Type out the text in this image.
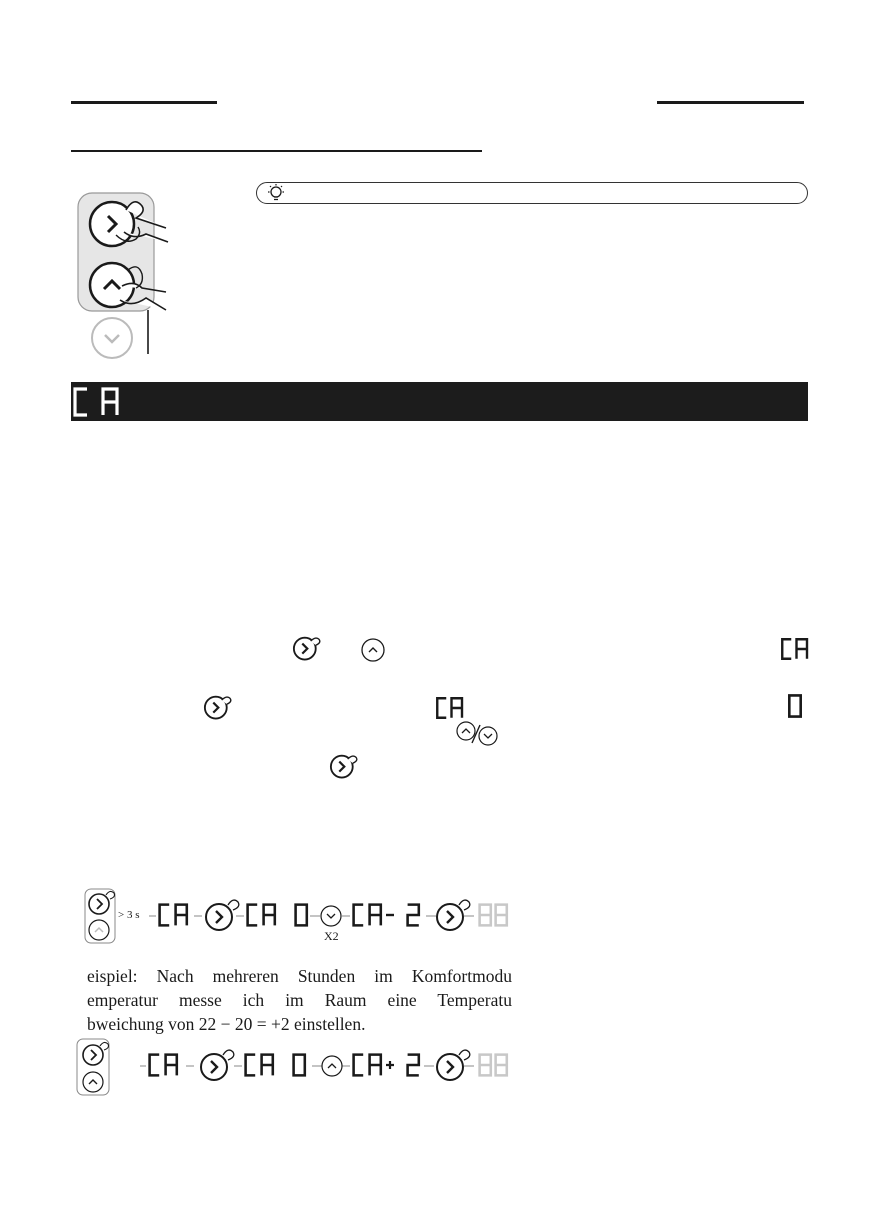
> 3 s
X2
eispiel: Nach mehreren Stunden im Komfortmodu
emperatur messe ich im Raum eine Temperatu
bweichung von 22 − 20 = +2 einstellen.
